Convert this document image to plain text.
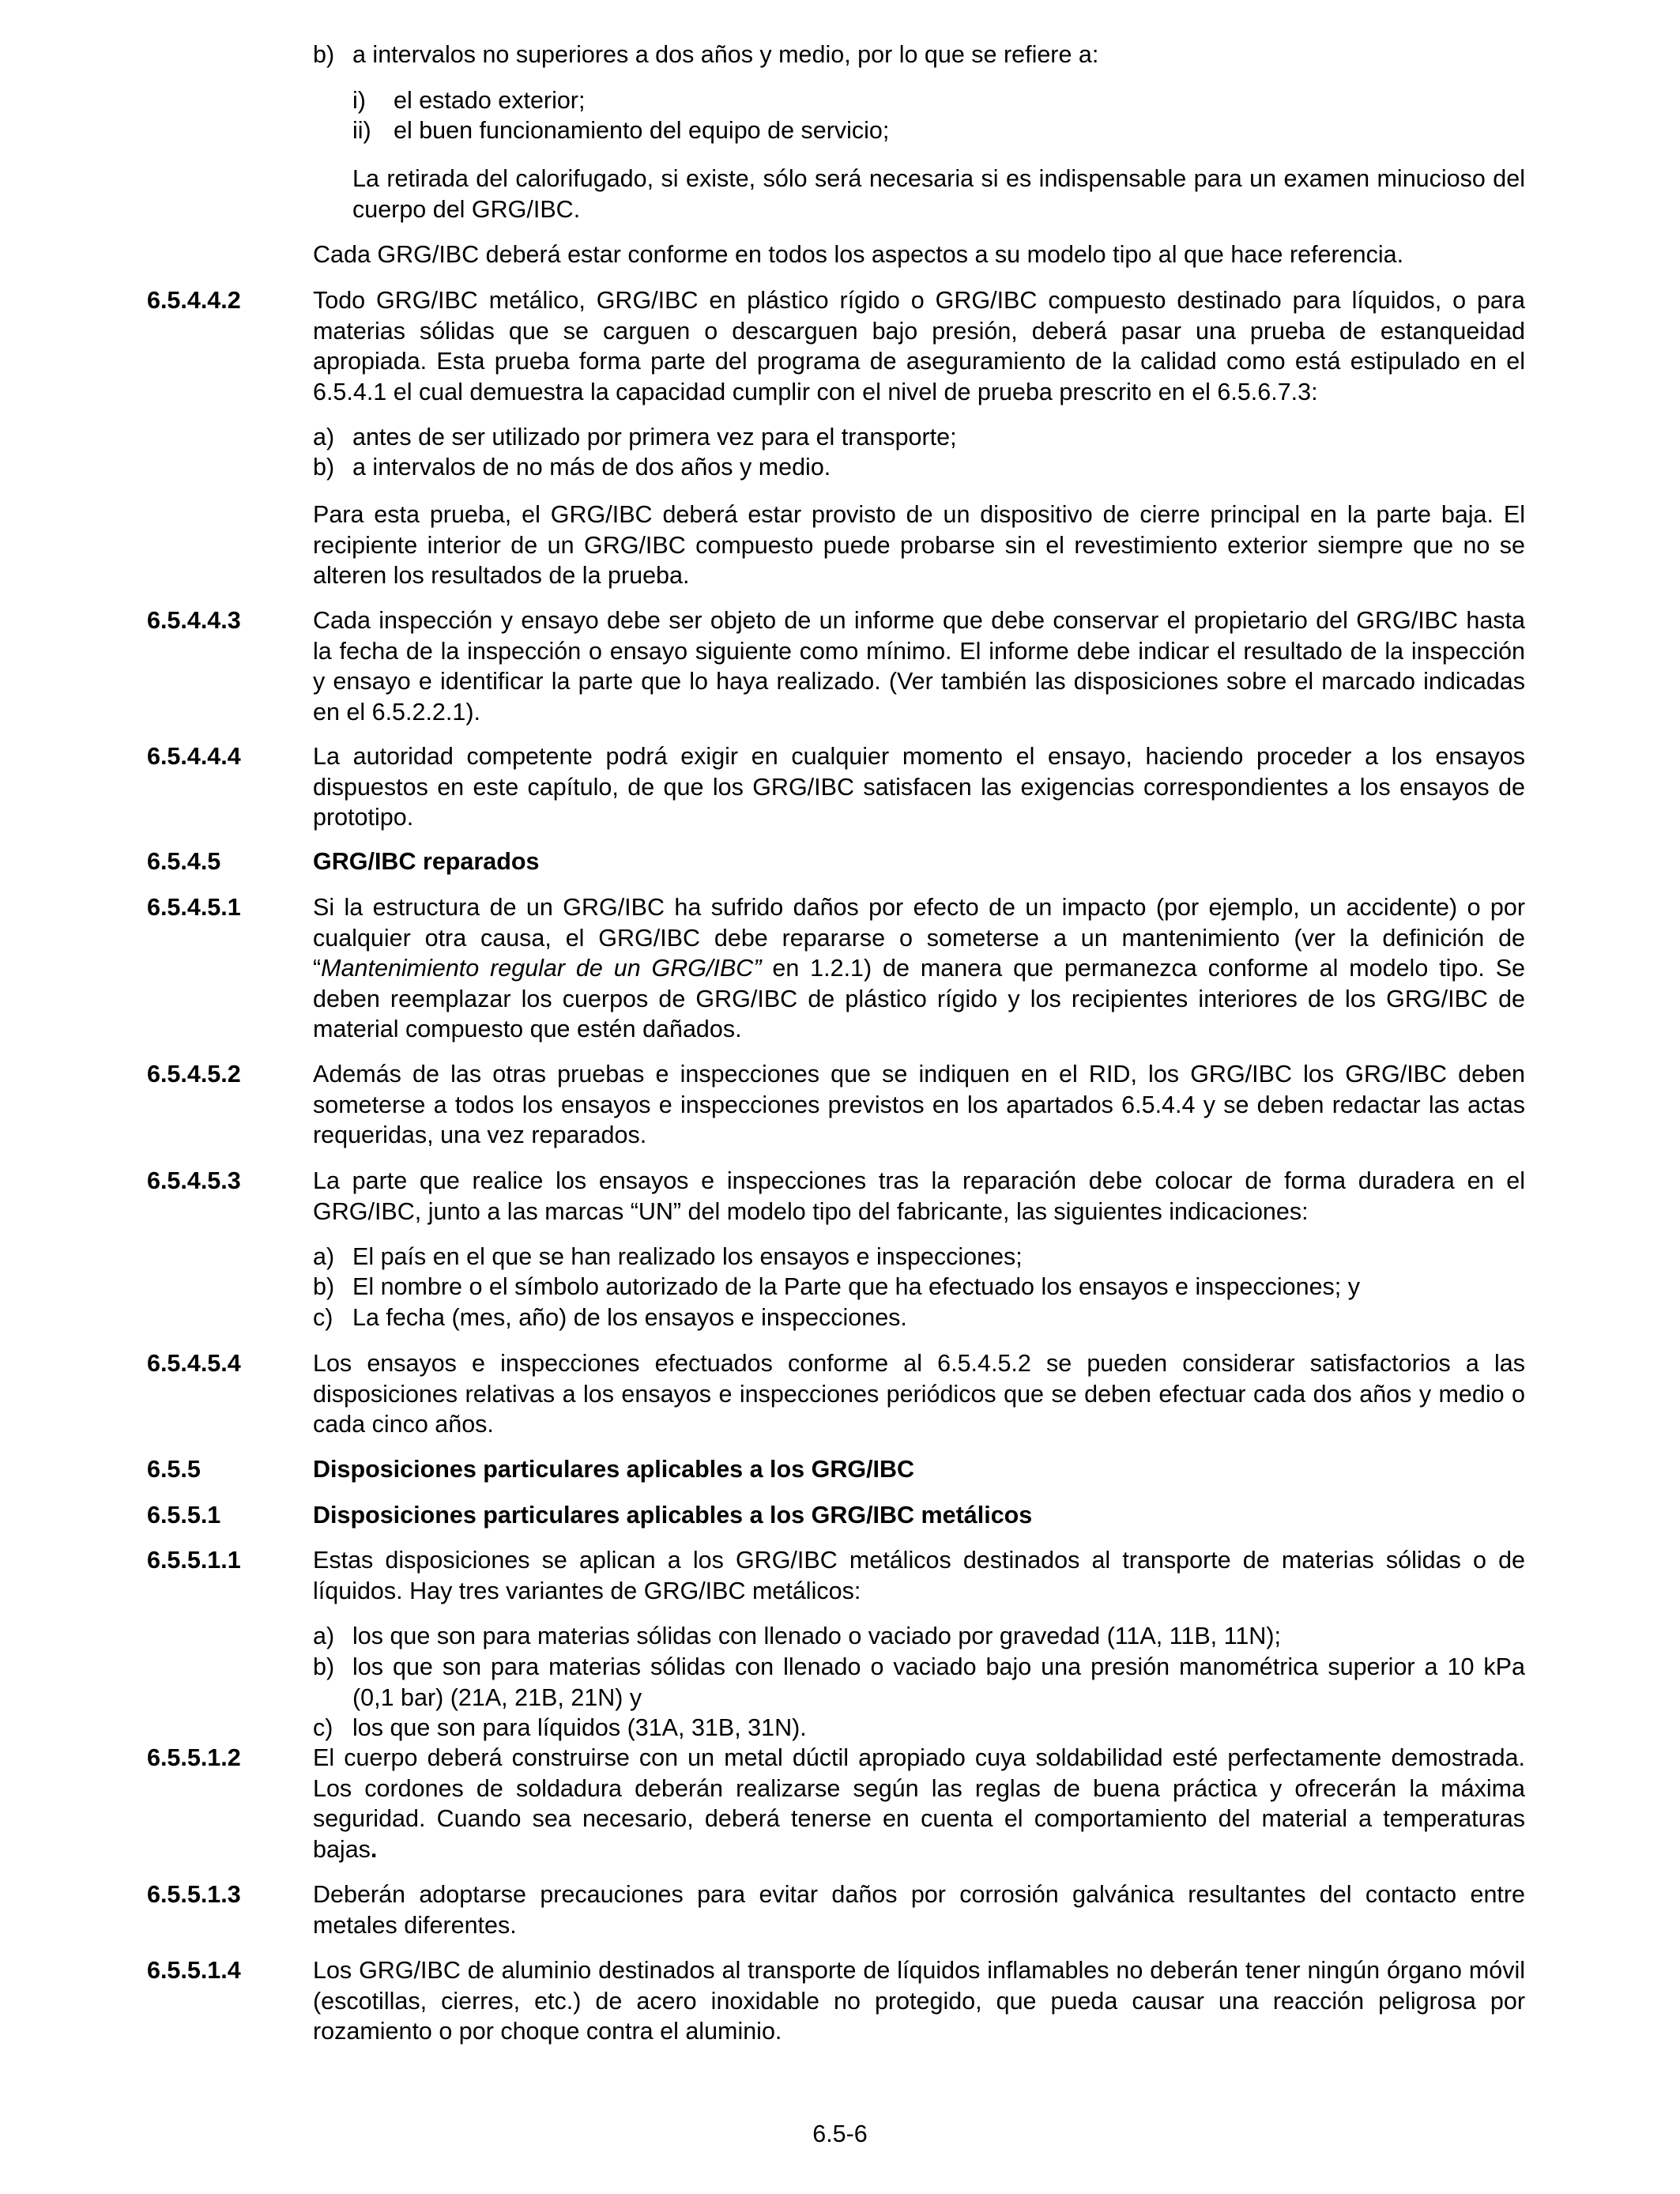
b) a intervalos no superiores a dos años y medio, por lo que se refiere a:

i) el estado exterior;

ii) el buen funcionamiento del equipo de servicio;

La retirada del calorifugado, si existe, sólo será necesaria si es indispensable para un examen minucioso del cuerpo del GRG/IBC.

Cada GRG/IBC deberá estar conforme en todos los aspectos a su modelo tipo al que hace referencia.

6.5.4.4.2	Todo GRG/IBC metálico, GRG/IBC en plástico rígido o GRG/IBC compuesto destinado para líquidos, o para materias sólidas que se carguen o descarguen bajo presión, deberá pasar una prueba de estanqueidad apropiada. Esta prueba forma parte del programa de aseguramiento de la calidad como está estipulado en el 6.5.4.1 el cual demuestra la capacidad cumplir con el nivel de prueba prescrito en el 6.5.6.7.3:

a) antes de ser utilizado por primera vez para el transporte;

b) a intervalos de no más de dos años y medio.

Para esta prueba, el GRG/IBC deberá estar provisto de un dispositivo de cierre principal en la parte baja. El recipiente interior de un GRG/IBC compuesto puede probarse sin el revestimiento exterior siempre que no se alteren los resultados de la prueba.

6.5.4.4.3	Cada inspección y ensayo debe ser objeto de un informe que debe conservar el propietario del GRG/IBC hasta la fecha de la inspección o ensayo siguiente como mínimo. El informe debe indicar el resultado de la inspección y ensayo e identificar la parte que lo haya realizado. (Ver también las disposiciones sobre el marcado indicadas en el 6.5.2.2.1).

6.5.4.4.4	La autoridad competente podrá exigir en cualquier momento el ensayo, haciendo proceder a los ensayos dispuestos en este capítulo, de que los GRG/IBC satisfacen las exigencias correspondientes a los ensayos de prototipo.

6.5.4.5	GRG/IBC reparados

6.5.4.5.1	Si la estructura de un GRG/IBC ha sufrido daños por efecto de un impacto (por ejemplo, un accidente) o por cualquier otra causa, el GRG/IBC debe repararse o someterse a un mantenimiento (ver la definición de “Mantenimiento regular de un GRG/IBC” en 1.2.1) de manera que permanezca conforme al modelo tipo. Se deben reemplazar los cuerpos de GRG/IBC de plástico rígido y los recipientes interiores de los GRG/IBC de material compuesto que estén dañados.

6.5.4.5.2	Además de las otras pruebas e inspecciones que se indiquen en el RID, los GRG/IBC los GRG/IBC deben someterse a todos los ensayos e inspecciones previstos en los apartados 6.5.4.4 y se deben redactar las actas requeridas, una vez reparados.

6.5.4.5.3	La parte que realice los ensayos e inspecciones tras la reparación debe colocar de forma duradera en el GRG/IBC, junto a las marcas “UN” del modelo tipo del fabricante, las siguientes indicaciones:

a) El país en el que se han realizado los ensayos e inspecciones;

b) El nombre o el símbolo autorizado de la Parte que ha efectuado los ensayos e inspecciones; y

c) La fecha (mes, año) de los ensayos e inspecciones.

6.5.4.5.4	Los ensayos e inspecciones efectuados conforme al 6.5.4.5.2 se pueden considerar satisfactorios a las disposiciones relativas a los ensayos e inspecciones periódicos que se deben efectuar cada dos años y medio o cada cinco años.

6.5.5	Disposiciones particulares aplicables a los GRG/IBC

6.5.5.1	Disposiciones particulares aplicables a los GRG/IBC metálicos

6.5.5.1.1	Estas disposiciones se aplican a los GRG/IBC metálicos destinados al transporte de materias sólidas o de líquidos. Hay tres variantes de GRG/IBC metálicos:

a) los que son para materias sólidas con llenado o vaciado por gravedad (11A, 11B, 11N);

b) los que son para materias sólidas con llenado o vaciado bajo una presión manométrica superior a 10 kPa (0,1 bar) (21A, 21B, 21N) y

c) los que son para líquidos (31A, 31B, 31N).

6.5.5.1.2	El cuerpo deberá construirse con un metal dúctil apropiado cuya soldabilidad esté perfectamente demostrada. Los cordones de soldadura deberán realizarse según las reglas de buena práctica y ofrecerán la máxima seguridad. Cuando sea necesario, deberá tenerse en cuenta el comportamiento del material a temperaturas bajas.

6.5.5.1.3	Deberán adoptarse precauciones para evitar daños por corrosión galvánica resultantes del contacto entre metales diferentes.

6.5.5.1.4	Los GRG/IBC de aluminio destinados al transporte de líquidos inflamables no deberán tener ningún órgano móvil (escotillas, cierres, etc.) de acero inoxidable no protegido, que pueda causar una reacción peligrosa por rozamiento o por choque contra el aluminio.

6.5-6
